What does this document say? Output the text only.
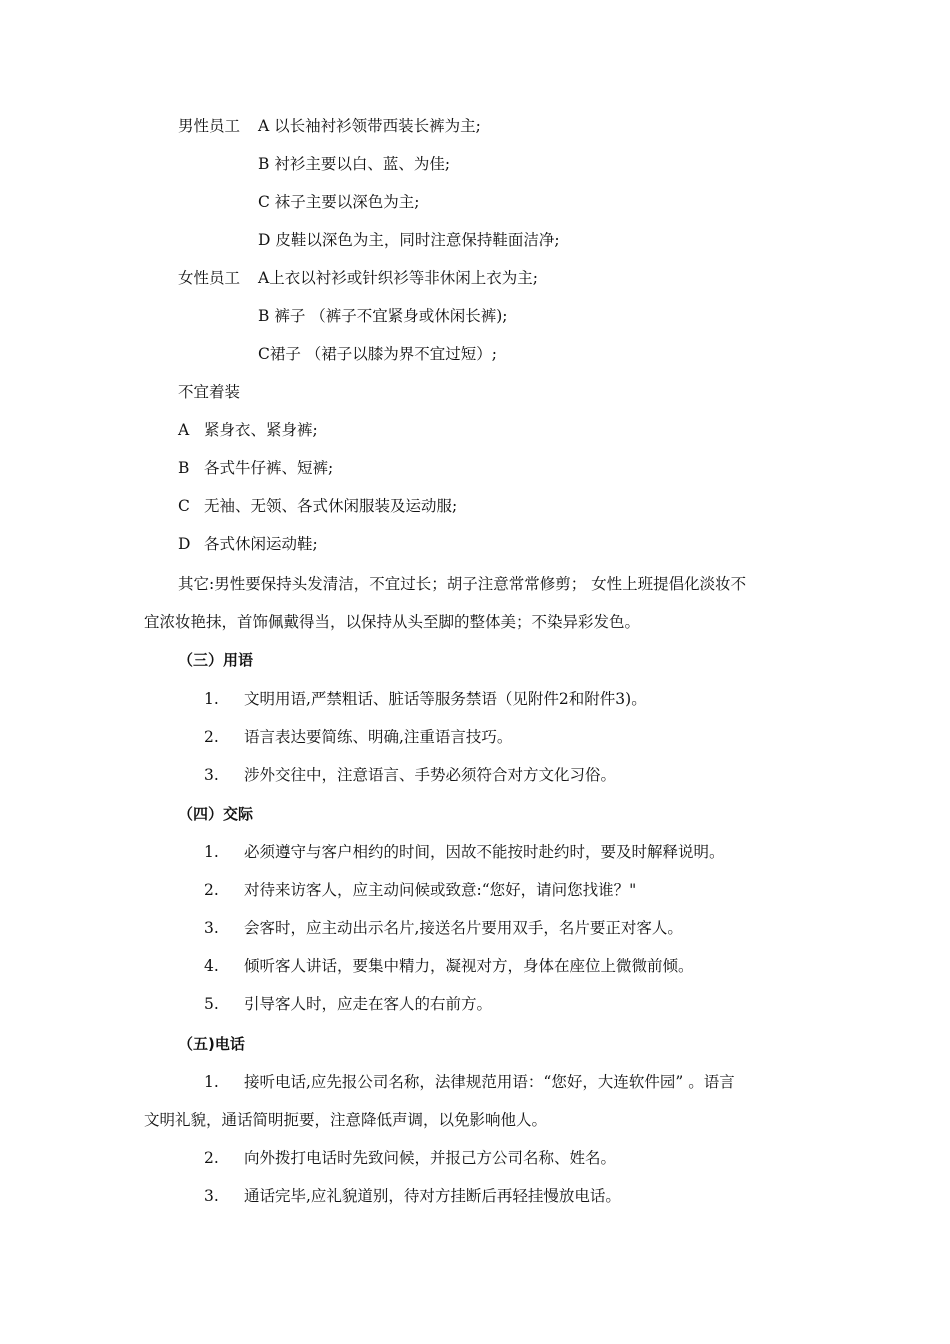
男性员工 A 以长袖衬衫领带西装长裤为主;
B 衬衫主要以白、蓝、为佳;
C 袜子主要以深色为主;
D 皮鞋以深色为主，同时注意保持鞋面洁净;
女性员工 A上衣以衬衫或针织衫等非休闲上衣为主;
B 裤子 （裤子不宜紧身或休闲长裤);
C裙子 （裙子以膝为界不宜过短）;
不宜着装
A 紧身衣、紧身裤;
B 各式牛仔裤、短裤;
C 无袖、无领、各式休闲服装及运动服;
D 各式休闲运动鞋;
其它:男性要保持头发清洁，不宜过长；胡子注意常常修剪； 女性上班提倡化淡妆不
宜浓妆艳抹，首饰佩戴得当，以保持从头至脚的整体美；不染异彩发色。
（三）用语
1. 文明用语,严禁粗话、脏话等服务禁语（见附件2和附件3)。
2. 语言表达要简练、明确,注重语言技巧。
3. 涉外交往中，注意语言、手势必须符合对方文化习俗。
（四）交际
1. 必须遵守与客户相约的时间，因故不能按时赴约时，要及时解释说明。
2. 对待来访客人，应主动问候或致意:“您好，请问您找谁？"
3. 会客时，应主动出示名片,接送名片要用双手，名片要正对客人。
4. 倾听客人讲话，要集中精力，凝视对方，身体在座位上微微前倾。
5. 引导客人时，应走在客人的右前方。
（五)电话
1. 接听电话,应先报公司名称，法律规范用语：“您好，大连软件园” 。语言
文明礼貌，通话简明扼要，注意降低声调，以免影响他人。
2. 向外拨打电话时先致问候，并报己方公司名称、姓名。
3. 通话完毕,应礼貌道别，待对方挂断后再轻挂慢放电话。
